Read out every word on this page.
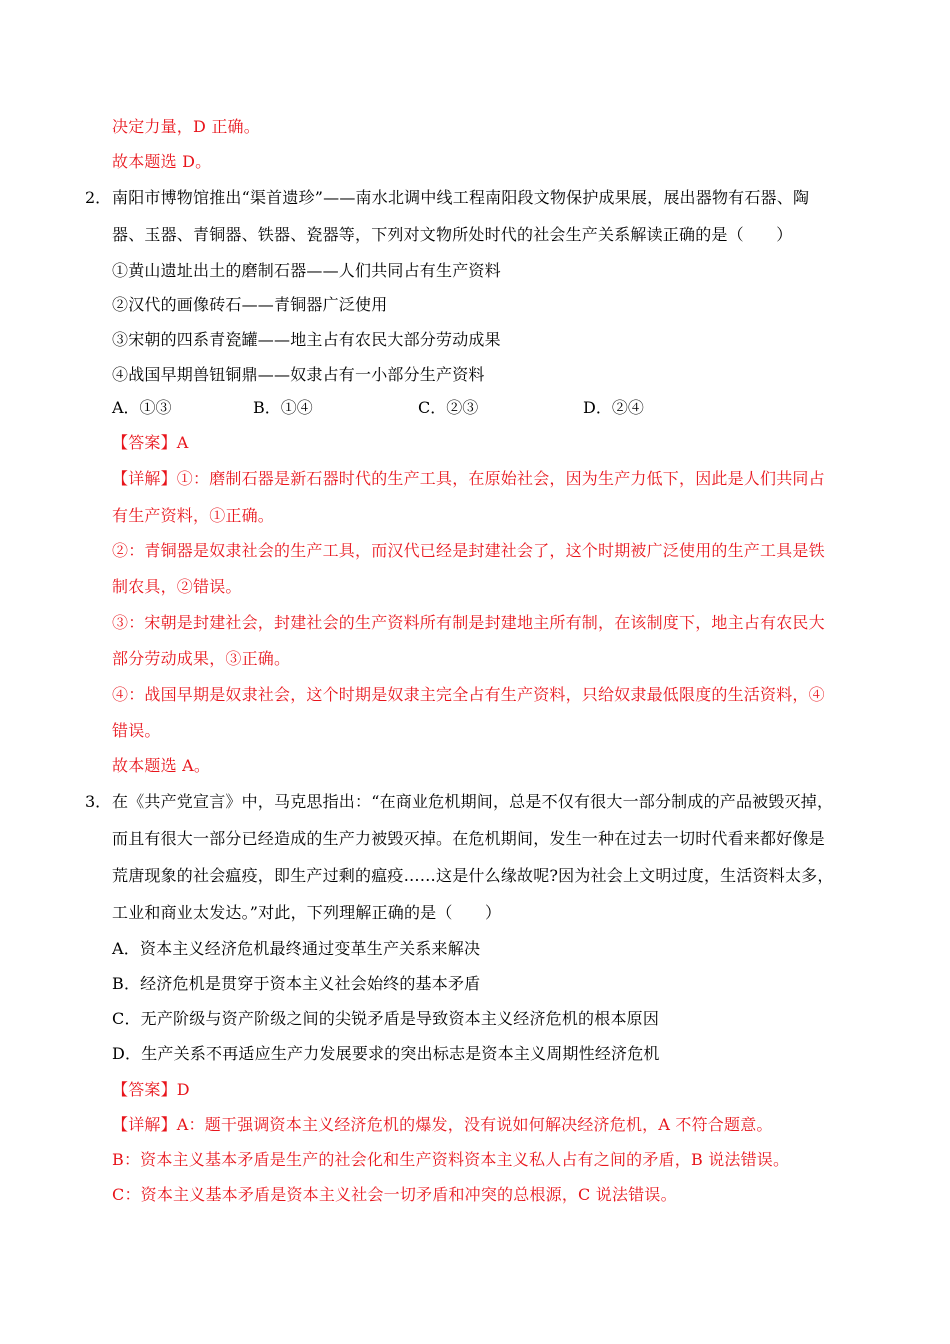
决定力量，D 正确。
故本题选 D。
2． 南阳市博物馆推出“渠首遗珍”——南水北调中线工程南阳段文物保护成果展，展出器物有石器、陶
器、玉器、青铜器、铁器、瓷器等，下列对文物所处时代的社会生产关系解读正确的是（　　）
①黄山遗址出土的磨制石器——人们共同占有生产资料
②汉代的画像砖石——青铜器广泛使用
③宋朝的四系青瓷罐——地主占有农民大部分劳动成果
④战国早期兽钮铜鼎——奴隶占有一小部分生产资料
A．①③	B．①④	C．②③	D．②④
【答案】A
【详解】①：磨制石器是新石器时代的生产工具，在原始社会，因为生产力低下，因此是人们共同占
有生产资料，①正确。
②：青铜器是奴隶社会的生产工具，而汉代已经是封建社会了，这个时期被广泛使用的生产工具是铁
制农具，②错误。
③：宋朝是封建社会，封建社会的生产资料所有制是封建地主所有制，在该制度下，地主占有农民大
部分劳动成果，③正确。
④：战国早期是奴隶社会，这个时期是奴隶主完全占有生产资料，只给奴隶最低限度的生活资料，④
错误。
故本题选 A。
3． 在《共产党宣言》中，马克思指出：“在商业危机期间，总是不仅有很大一部分制成的产品被毁灭掉，
而且有很大一部分已经造成的生产力被毁灭掉。在危机期间，发生一种在过去一切时代看来都好像是
荒唐现象的社会瘟疫，即生产过剩的瘟疫……这是什么缘故呢?因为社会上文明过度，生活资料太多，
工业和商业太发达。”对此，下列理解正确的是（　　）
A．资本主义经济危机最终通过变革生产关系来解决
B．经济危机是贯穿于资本主义社会始终的基本矛盾
C．无产阶级与资产阶级之间的尖锐矛盾是导致资本主义经济危机的根本原因
D．生产关系不再适应生产力发展要求的突出标志是资本主义周期性经济危机
【答案】D
【详解】A：题干强调资本主义经济危机的爆发，没有说如何解决经济危机，A 不符合题意。
B：资本主义基本矛盾是生产的社会化和生产资料资本主义私人占有之间的矛盾，B 说法错误。
C：资本主义基本矛盾是资本主义社会一切矛盾和冲突的总根源，C 说法错误。
